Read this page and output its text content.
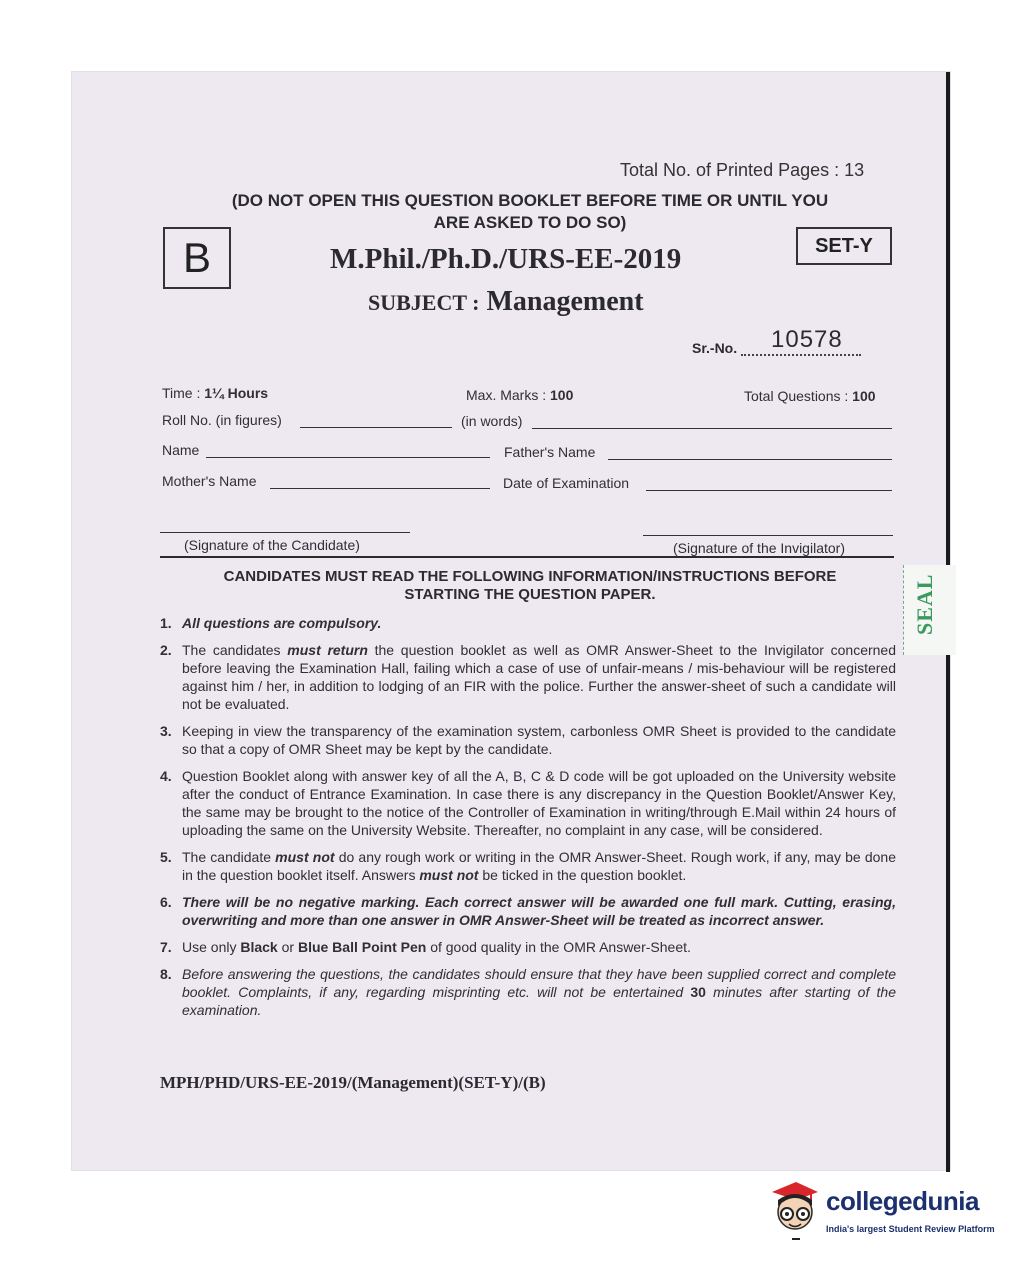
Total No. of Printed Pages : 13
(DO NOT OPEN THIS QUESTION BOOKLET BEFORE TIME OR UNTIL YOU
ARE ASKED TO DO SO)
B	SET-Y
M.Phil./Ph.D./URS-EE-2019
SUBJECT : Management
Sr.-No. 10578
Time : 1¼ Hours	Max. Marks : 100	Total Questions : 100
Roll No. (in figures)	(in words)
Name	Father's Name
Mother's Name	Date of Examination
(Signature of the Candidate)	(Signature of the Invigilator)
CANDIDATES MUST READ THE FOLLOWING INFORMATION/INSTRUCTIONS BEFORE
STARTING THE QUESTION PAPER.
1. All questions are compulsory.
2. The candidates must return the question booklet as well as OMR Answer-Sheet to the Invigilator concerned before leaving the Examination Hall, failing which a case of use of unfair-means / mis-behaviour will be registered against him / her, in addition to lodging of an FIR with the police. Further the answer-sheet of such a candidate will not be evaluated.
3. Keeping in view the transparency of the examination system, carbonless OMR Sheet is provided to the candidate so that a copy of OMR Sheet may be kept by the candidate.
4. Question Booklet along with answer key of all the A, B, C & D code will be got uploaded on the University website after the conduct of Entrance Examination. In case there is any discrepancy in the Question Booklet/Answer Key, the same may be brought to the notice of the Controller of Examination in writing/through E.Mail within 24 hours of uploading the same on the University Website. Thereafter, no complaint in any case, will be considered.
5. The candidate must not do any rough work or writing in the OMR Answer-Sheet. Rough work, if any, may be done in the question booklet itself. Answers must not be ticked in the question booklet.
6. There will be no negative marking. Each correct answer will be awarded one full mark. Cutting, erasing, overwriting and more than one answer in OMR Answer-Sheet will be treated as incorrect answer.
7. Use only Black or Blue Ball Point Pen of good quality in the OMR Answer-Sheet.
8. Before answering the questions, the candidates should ensure that they have been supplied correct and complete booklet. Complaints, if any, regarding misprinting etc. will not be entertained 30 minutes after starting of the examination.
MPH/PHD/URS-EE-2019/(Management)(SET-Y)/(B)
SEAL
collegedunia
India's largest Student Review Platform
